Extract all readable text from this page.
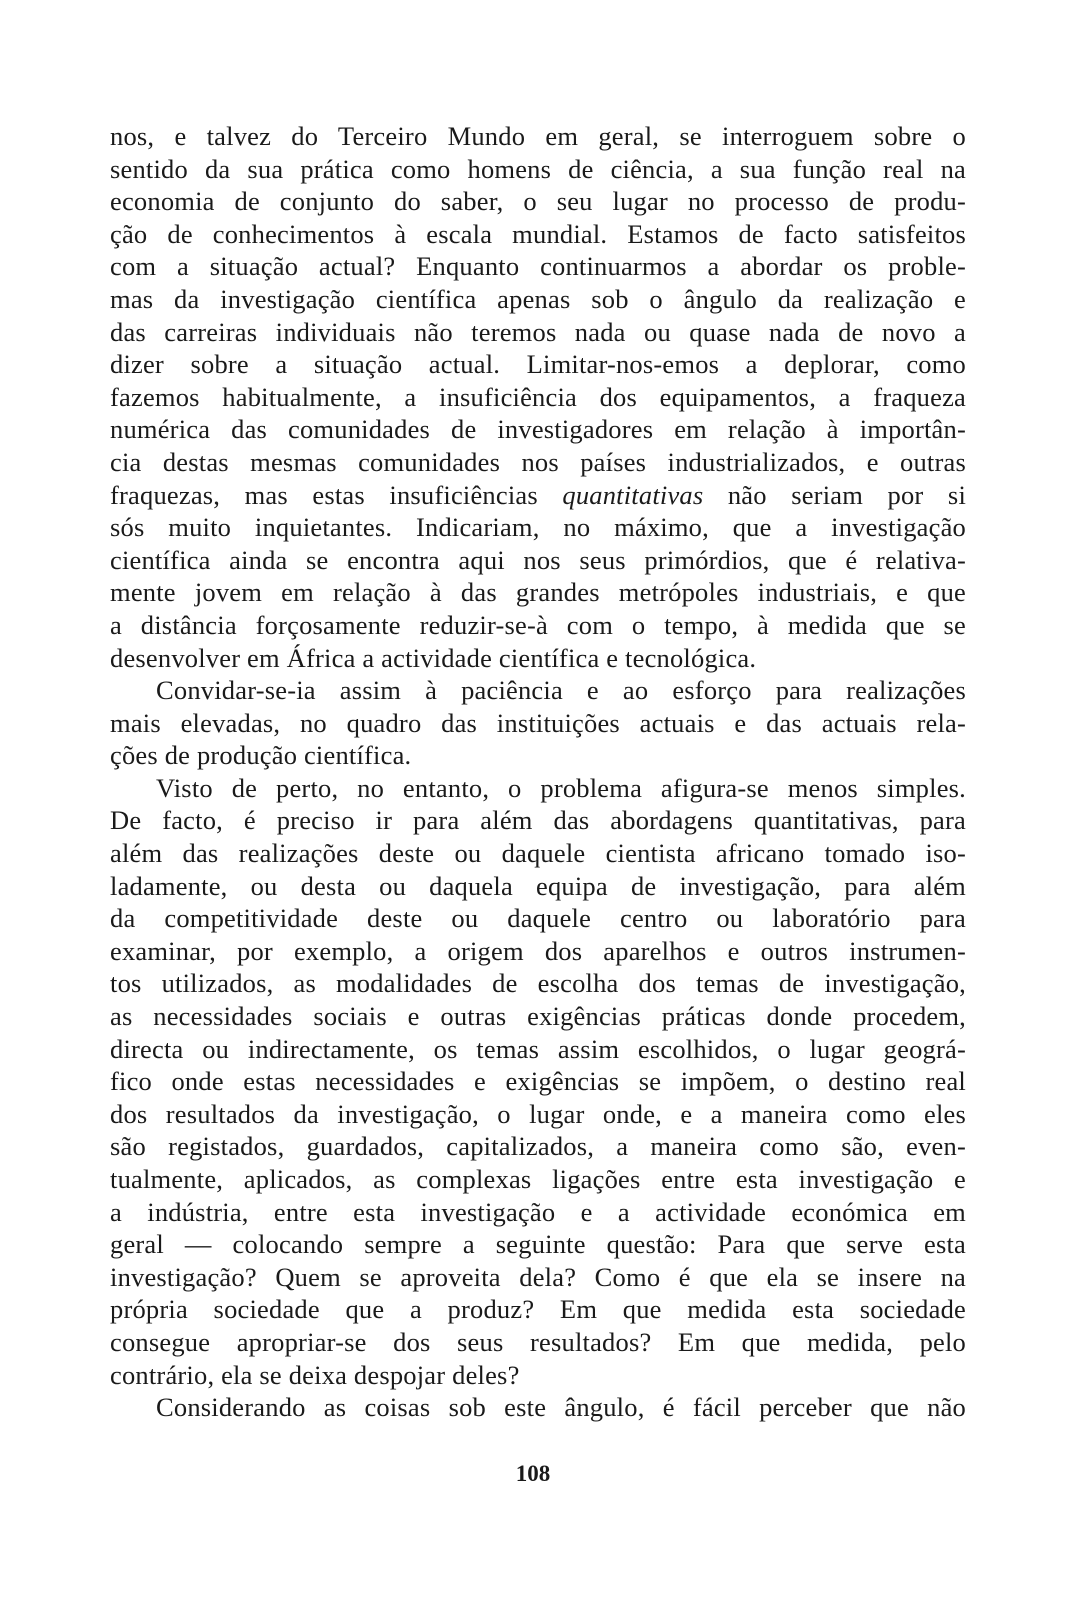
nos, e talvez do Terceiro Mundo em geral, se interroguem sobre o
sentido da sua prática como homens de ciência, a sua função real na
economia de conjunto do saber, o seu lugar no processo de produ-
ção de conhecimentos à escala mundial. Estamos de facto satisfeitos
com a situação actual? Enquanto continuarmos a abordar os proble-
mas da investigação científica apenas sob o ângulo da realização e
das carreiras individuais não teremos nada ou quase nada de novo a
dizer sobre a situação actual. Limitar-nos-emos a deplorar, como
fazemos habitualmente, a insuficiência dos equipamentos, a fraqueza
numérica das comunidades de investigadores em relação à importân-
cia destas mesmas comunidades nos países industrializados, e outras
fraquezas, mas estas insuficiências quantitativas não seriam por si
sós muito inquietantes. Indicariam, no máximo, que a investigação
científica ainda se encontra aqui nos seus primórdios, que é relativa-
mente jovem em relação à das grandes metrópoles industriais, e que
a distância forçosamente reduzir-se-à com o tempo, à medida que se
desenvolver em África a actividade científica e tecnológica.
Convidar-se-ia assim à paciência e ao esforço para realizações
mais elevadas, no quadro das instituições actuais e das actuais rela-
ções de produção científica.
Visto de perto, no entanto, o problema afigura-se menos simples.
De facto, é preciso ir para além das abordagens quantitativas, para
além das realizações deste ou daquele cientista africano tomado iso-
ladamente, ou desta ou daquela equipa de investigação, para além
da competitividade deste ou daquele centro ou laboratório para
examinar, por exemplo, a origem dos aparelhos e outros instrumen-
tos utilizados, as modalidades de escolha dos temas de investigação,
as necessidades sociais e outras exigências práticas donde procedem,
directa ou indirectamente, os temas assim escolhidos, o lugar geográ-
fico onde estas necessidades e exigências se impõem, o destino real
dos resultados da investigação, o lugar onde, e a maneira como eles
são registados, guardados, capitalizados, a maneira como são, even-
tualmente, aplicados, as complexas ligações entre esta investigação e
a indústria, entre esta investigação e a actividade económica em
geral — colocando sempre a seguinte questão: Para que serve esta
investigação? Quem se aproveita dela? Como é que ela se insere na
própria sociedade que a produz? Em que medida esta sociedade
consegue apropriar-se dos seus resultados? Em que medida, pelo
contrário, ela se deixa despojar deles?
Considerando as coisas sob este ângulo, é fácil perceber que não
108
